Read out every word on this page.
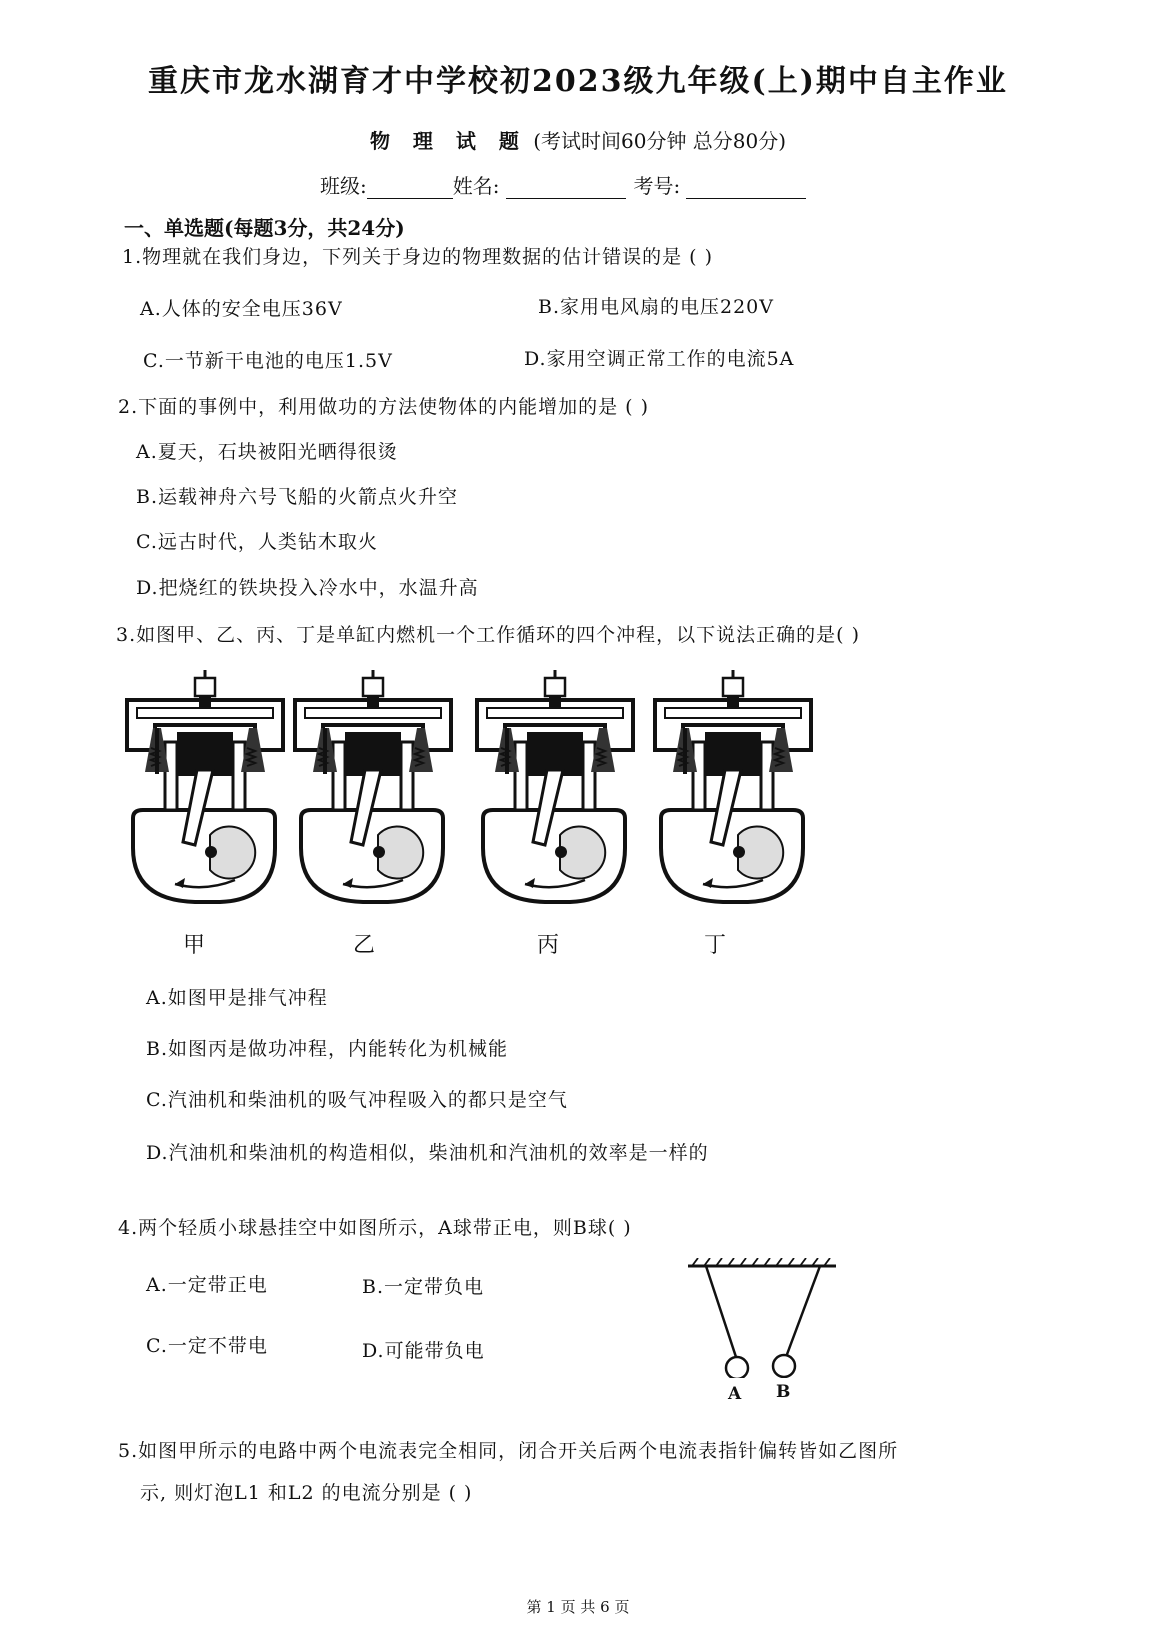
重庆市龙水湖育才中学校初2023级九年级(上)期中自主作业
物 理 试 题 (考试时间60分钟 总分80分)
班级:	姓名:	考号:
一、单选题(每题3分，共24分)
1.物理就在我们身边，下列关于身边的物理数据的估计错误的是 ( )
A.人体的安全电压36V	B.家用电风扇的电压220V
C.一节新干电池的电压1.5V	D.家用空调正常工作的电流5A
2.下面的事例中，利用做功的方法使物体的内能增加的是 ( )
A.夏天，石块被阳光晒得很烫
B.运载神舟六号飞船的火箭点火升空
C.远古时代，人类钻木取火
D.把烧红的铁块投入冷水中，水温升高
3.如图甲、乙、丙、丁是单缸内燃机一个工作循环的四个冲程，以下说法正确的是( )
甲	乙	丙	丁
A.如图甲是排气冲程
B.如图丙是做功冲程，内能转化为机械能
C.汽油机和柴油机的吸气冲程吸入的都只是空气
D.汽油机和柴油机的构造相似，柴油机和汽油机的效率是一样的
4.两个轻质小球悬挂空中如图所示，A球带正电，则B球( )
A.一定带正电	B.一定带负电
C.一定不带电	D.可能带负电
A B
5.如图甲所示的电路中两个电流表完全相同，闭合开关后两个电流表指针偏转皆如乙图所
示, 则灯泡L1 和L2 的电流分别是 ( )
第 1 页 共 6 页
